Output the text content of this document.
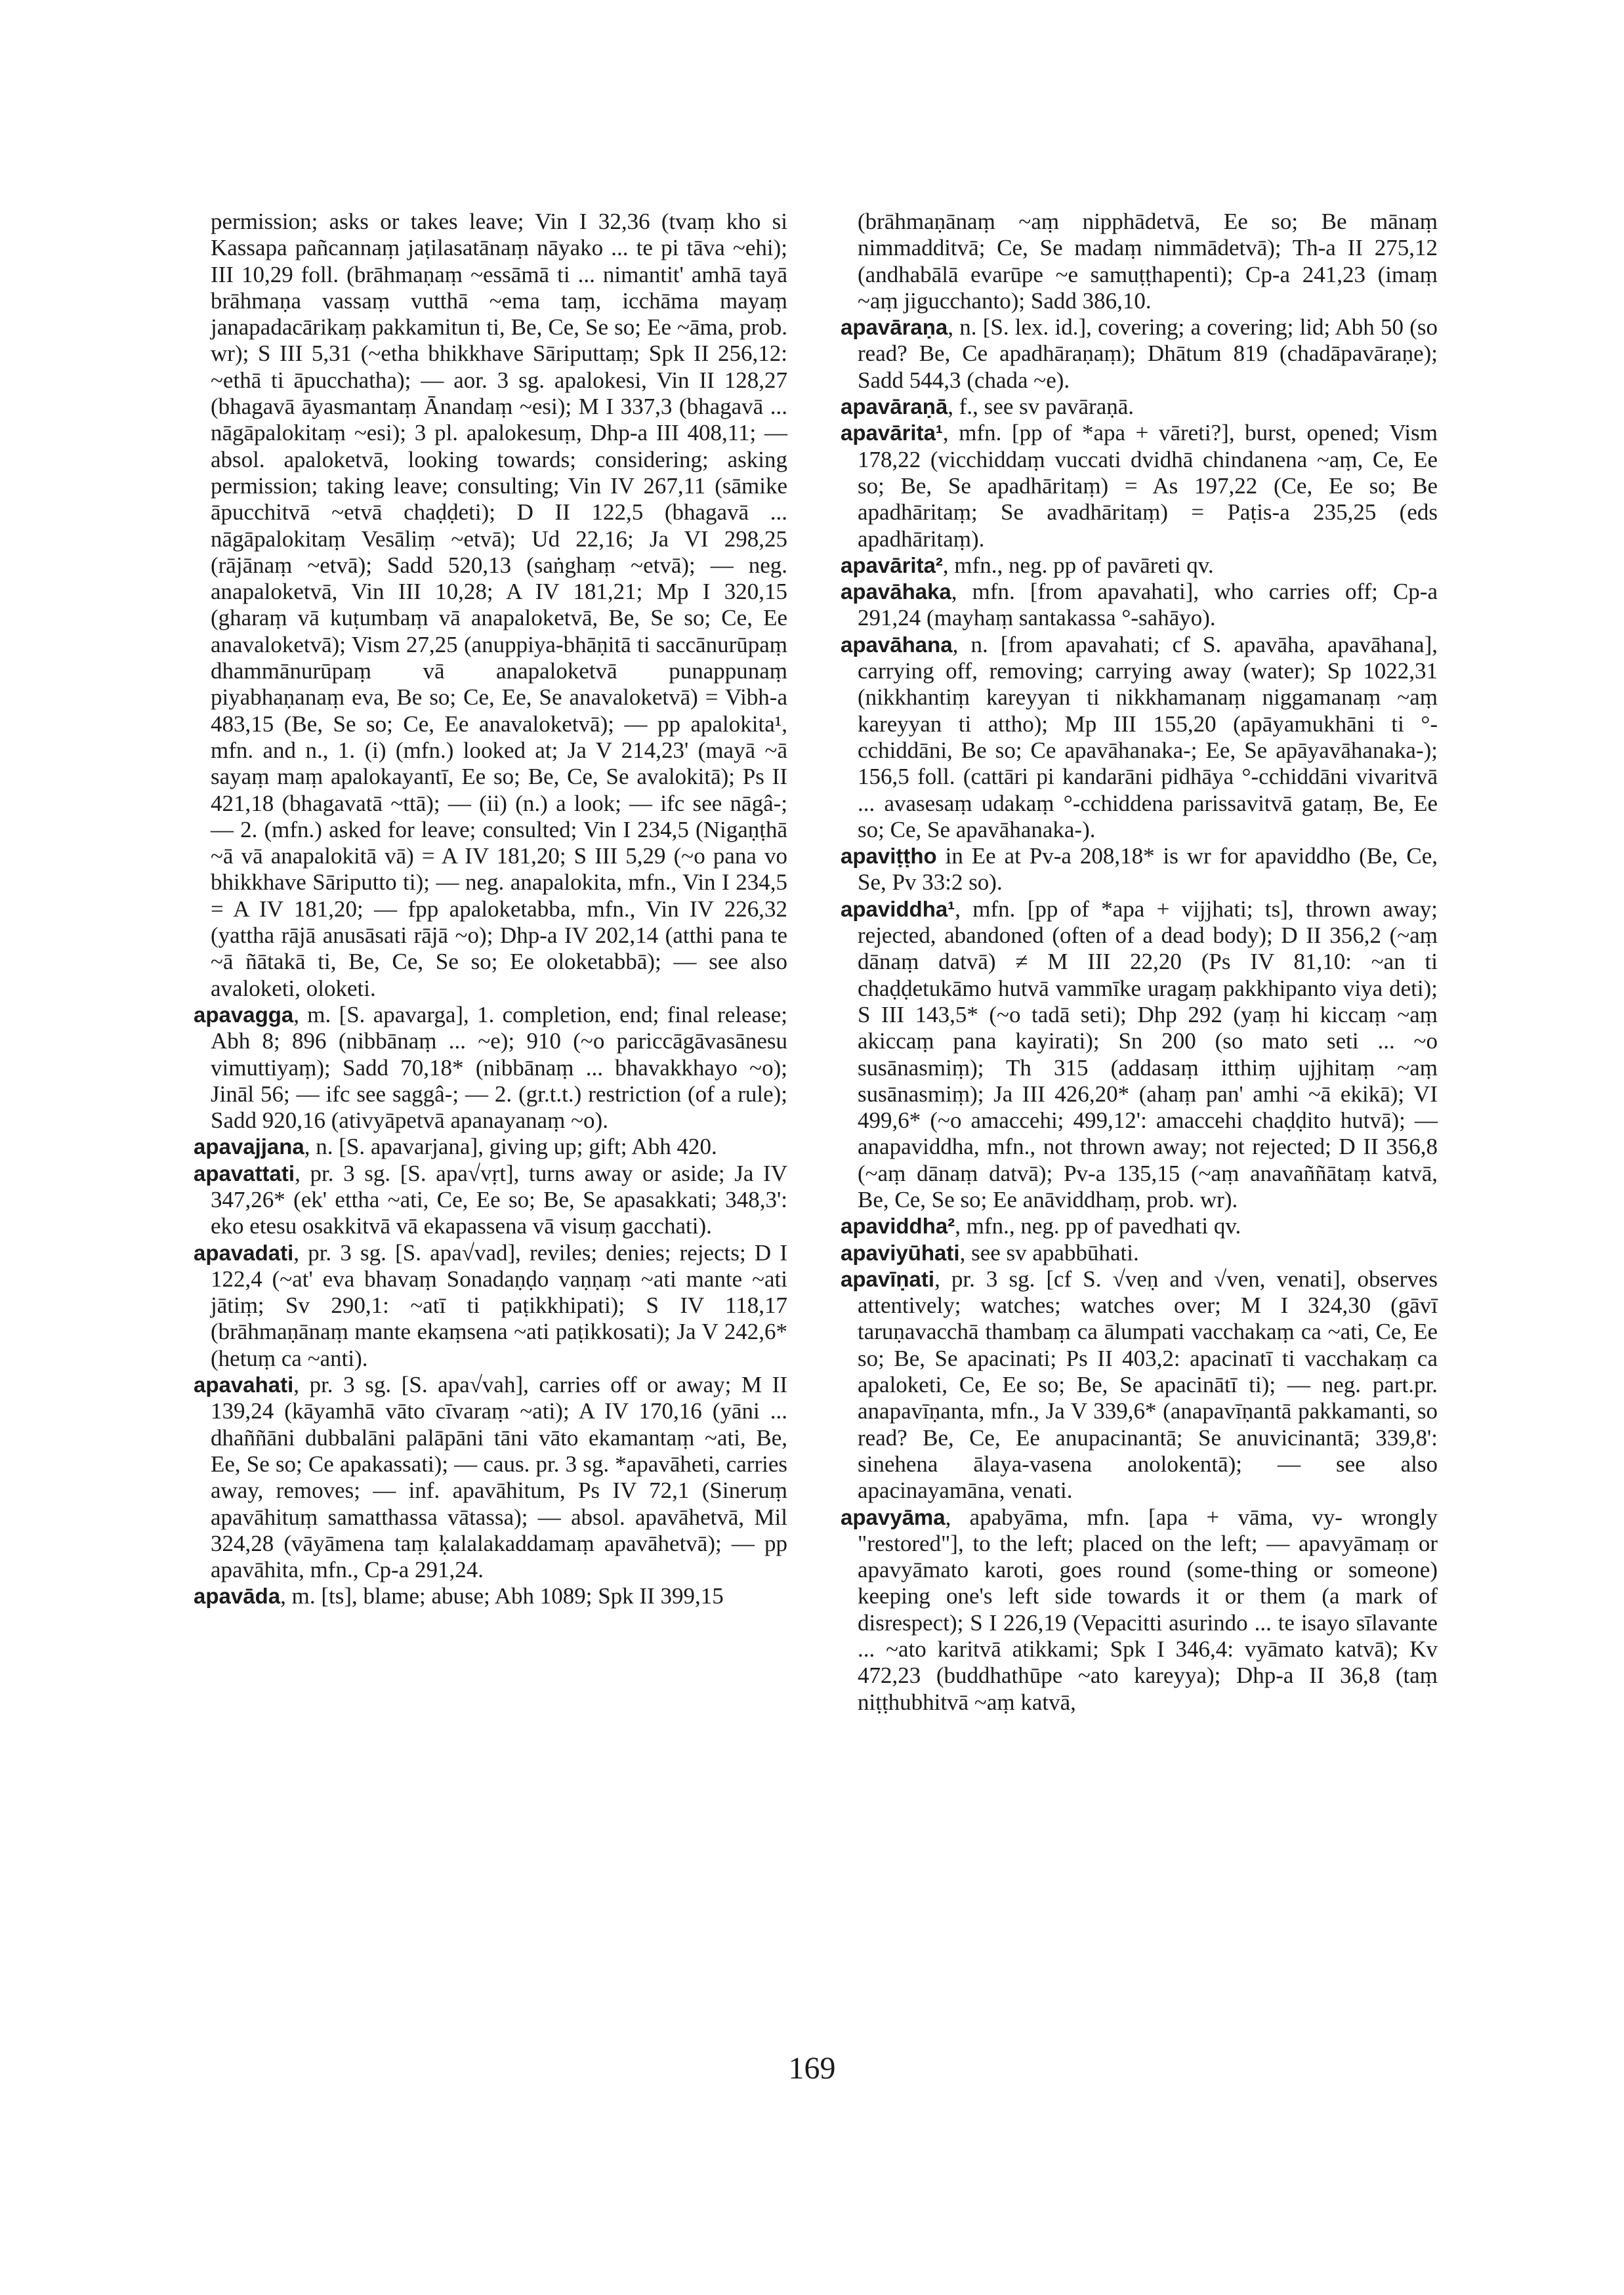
permission; asks or takes leave; Vin I 32,36 (tvaṃ kho si Kassapa pañcannaṃ jaṭilasatānaṃ nāyako ... te pi tāva ~ehi); III 10,29 foll. (brāhmaṇaṃ ~essāmā ti ... nimantit' amhā tayā brāhmaṇa vassaṃ vutthā ~ema taṃ, icchāma mayaṃ janapadacārikaṃ pakkamitun ti, Be, Ce, Se so; Ee ~āma, prob. wr); S III 5,31 (~etha bhikkhave Sāriputtaṃ; Spk II 256,12: ~ethā ti āpucchatha); — aor. 3 sg. apalokesi, Vin II 128,27 (bhagavā āyasmantaṃ Ānandaṃ ~esi); M I 337,3 (bhagavā ... nāgāpalokitaṃ ~esi); 3 pl. apalokesuṃ, Dhp-a III 408,11; — absol. apaloketvā, looking towards; considering; asking permission; taking leave; consulting; Vin IV 267,11 (sāmike āpucchitvā ~etvā chaḍḍeti); D II 122,5 (bhagavā ... nāgāpalokitaṃ Vesāliṃ ~etvā); Ud 22,16; Ja VI 298,25 (rājānaṃ ~etvā); Sadd 520,13 (saṅghaṃ ~etvā); — neg. anapaloketvā, Vin III 10,28; A IV 181,21; Mp I 320,15 (gharaṃ vā kuṭumbaṃ vā anapaloketvā, Be, Se so; Ce, Ee anavaloketvā); Vism 27,25 (anuppiya-bhāṇitā ti saccānurūpaṃ dhammānurūpaṃ vā anapaloketvā punappunaṃ piyabhaṇanaṃ eva, Be so; Ce, Ee, Se anavaloketvā) = Vibh-a 483,15 (Be, Se so; Ce, Ee anavaloketvā); — pp apalokita¹, mfn. and n., 1. (i) (mfn.) looked at; Ja V 214,23' (mayā ~ā sayaṃ maṃ apalokayantī, Ee so; Be, Ce, Se avalokitā); Ps II 421,18 (bhagavatā ~ttā); — (ii) (n.) a look; — ifc see nāgâ-; — 2. (mfn.) asked for leave; consulted; Vin I 234,5 (Nigaṇṭhā ~ā vā anapalokitā vā) = A IV 181,20; S III 5,29 (~o pana vo bhikkhave Sāriputto ti); — neg. anapalokita, mfn., Vin I 234,5 = A IV 181,20; — fpp apaloketabba, mfn., Vin IV 226,32 (yattha rājā anusāsati rājā ~o); Dhp-a IV 202,14 (atthi pana te ~ā ñātakā ti, Be, Ce, Se so; Ee oloketabbā); — see also avaloketi, oloketi.

apavagga, m. [S. apavarga], 1. completion, end; final release; Abh 8; 896 (nibbānaṃ ... ~e); 910 (~o pariccāgāvasānesu vimuttiyaṃ); Sadd 70,18* (nibbānaṃ ... bhavakkhayo ~o); Jināl 56; — ifc see saggâ-; — 2. (gr.t.t.) restriction (of a rule); Sadd 920,16 (ativyāpetvā apanayanaṃ ~o).

apavajjana, n. [S. apavarjana], giving up; gift; Abh 420.

apavattati, pr. 3 sg. [S. apa√vṛt], turns away or aside; Ja IV 347,26* (ek' ettha ~ati, Ce, Ee so; Be, Se apasakkati; 348,3': eko etesu osakkitvā vā ekapassena vā visuṃ gacchati).

apavadati, pr. 3 sg. [S. apa√vad], reviles; denies; rejects; D I 122,4 (~at' eva bhavaṃ Sonadaṇḍo vaṇṇaṃ ~ati mante ~ati jātiṃ; Sv 290,1: ~atī ti paṭikkhipati); S IV 118,17 (brāhmaṇānaṃ mante ekaṃsena ~ati paṭikkosati); Ja V 242,6* (hetuṃ ca ~anti).

apavahati, pr. 3 sg. [S. apa√vah], carries off or away; M II 139,24 (kāyamhā vāto cīvaraṃ ~ati); A IV 170,16 (yāni ... dhaññāni dubbalāni palāpāni tāni vāto ekamantaṃ ~ati, Be, Ee, Se so; Ce apakassati); — caus. pr. 3 sg. *apavāheti, carries away, removes; — inf. apavāhitum, Ps IV 72,1 (Sineruṃ apavāhituṃ samatthassa vātassa); — absol. apavāhetvā, Mil 324,28 (vāyāmena taṃ ḳalalakaddamaṃ apavāhetvā); — pp apavāhita, mfn., Cp-a 291,24.

apavāda, m. [ts], blame; abuse; Abh 1089; Spk II 399,15

(brāhmaṇānaṃ ~aṃ nipphādetvā, Ee so; Be mānaṃ nimmadditvā; Ce, Se madaṃ nimmādetvā); Th-a II 275,12 (andhabālā evarūpe ~e samuṭṭhapenti); Cp-a 241,23 (imaṃ ~aṃ jigucchanto); Sadd 386,10.

apavāraṇa, n. [S. lex. id.], covering; a covering; lid; Abh 50 (so read? Be, Ce apadhāraṇaṃ); Dhātum 819 (chadāpavāraṇe); Sadd 544,3 (chada ~e).

apavāraṇā, f., see sv pavāraṇā.

apavārita¹, mfn. [pp of *apa + vāreti?], burst, opened; Vism 178,22 (vicchiddaṃ vuccati dvidhā chindanena ~aṃ, Ce, Ee so; Be, Se apadhāritaṃ) = As 197,22 (Ce, Ee so; Be apadhāritaṃ; Se avadhāritaṃ) = Paṭis-a 235,25 (eds apadhāritaṃ).

apavārita², mfn., neg. pp of pavāreti qv.

apavāhaka, mfn. [from apavahati], who carries off; Cp-a 291,24 (mayhaṃ santakassa °-sahāyo).

apavāhana, n. [from apavahati; cf S. apavāha, apavāhana], carrying off, removing; carrying away (water); Sp 1022,31 (nikkhantiṃ kareyyan ti nikkhamanaṃ niggamanaṃ ~aṃ kareyyan ti attho); Mp III 155,20 (apāyamukhāni ti °-cchiddāni, Be so; Ce apavāhanaka-; Ee, Se apāyavāhanaka-); 156,5 foll. (cattāri pi kandarāni pidhāya °-cchiddāni vivaritvā ... avasesaṃ udakaṃ °-cchiddena parissavitvā gataṃ, Be, Ee so; Ce, Se apavāhanaka-).

apaviṭṭho in Ee at Pv-a 208,18* is wr for apaviddho (Be, Ce, Se, Pv 33:2 so).

apaviddha¹, mfn. [pp of *apa + vijjhati; ts], thrown away; rejected, abandoned (often of a dead body); D II 356,2 (~aṃ dānaṃ datvā) ≠ M III 22,20 (Ps IV 81,10: ~an ti chaḍḍetukāmo hutvā vammīke uragaṃ pakkhipanto viya deti); S III 143,5* (~o tadā seti); Dhp 292 (yaṃ hi kiccaṃ ~aṃ akiccaṃ pana kayirati); Sn 200 (so mato seti ... ~o susānasmiṃ); Th 315 (addasaṃ itthiṃ ujjhitaṃ ~aṃ susānasmiṃ); Ja III 426,20* (ahaṃ pan' amhi ~ā ekikā); VI 499,6* (~o amaccehi; 499,12': amaccehi chaḍḍito hutvā); — anapaviddha, mfn., not thrown away; not rejected; D II 356,8 (~aṃ dānaṃ datvā); Pv-a 135,15 (~aṃ anavaññātaṃ katvā, Be, Ce, Se so; Ee anāviddhaṃ, prob. wr).

apaviddha², mfn., neg. pp of pavedhati qv.

apaviyūhati, see sv apabbūhati.

apavīṇati, pr. 3 sg. [cf S. √veṇ and √ven, venati], observes attentively; watches; watches over; M I 324,30 (gāvī taruṇavacchā thambaṃ ca ālumpati vacchakaṃ ca ~ati, Ce, Ee so; Be, Se apacinati; Ps II 403,2: apacinatī ti vacchakaṃ ca apaloketi, Ce, Ee so; Be, Se apacinātī ti); — neg. part.pr. anapavīṇanta, mfn., Ja V 339,6* (anapavīṇantā pakkamanti, so read? Be, Ce, Ee anupacinantā; Se anuvicinantā; 339,8': sinehena ālaya-vasena anolokentā); — see also apacinayamāna, venati.

apavyāma, apabyāma, mfn. [apa + vāma, vy- wrongly "restored"], to the left; placed on the left; — apavyāmaṃ or apavyāmato karoti, goes round (some-thing or someone) keeping one's left side towards it or them (a mark of disrespect); S I 226,19 (Vepacitti asurindo ... te isayo sīlavante ... ~ato karitvā atikkami; Spk I 346,4: vyāmato katvā); Kv 472,23 (buddhathūpe ~ato kareyya); Dhp-a II 36,8 (taṃ niṭṭhubhitvā ~aṃ katvā,

169
